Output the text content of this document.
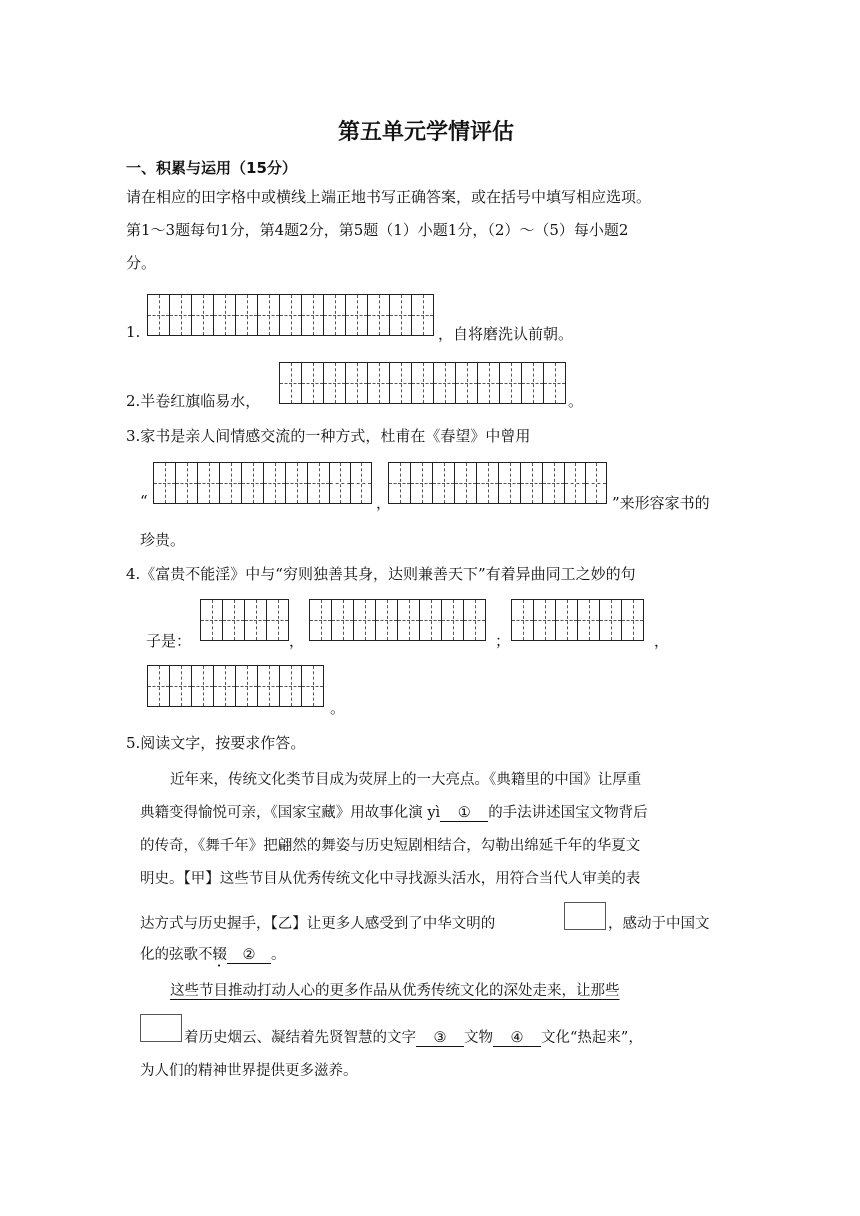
第五单元学情评估
一、积累与运用（15分）
请在相应的田字格中或横线上端正地书写正确答案，或在括号中填写相应选项。
第1～3题每句1分，第4题2分，第5题（1）小题1分，（2）～（5）每小题2
分。
1.	，自将磨洗认前朝。
2.半卷红旗临易水，	。
3.家书是亲人间情感交流的一种方式，杜甫在《春望》中曾用
“	，	”来形容家书的
珍贵。
4.《富贵不能淫》中与“穷则独善其身，达则兼善天下”有着异曲同工之妙的句
子是：	，	；	，
。
5.阅读文字，按要求作答。
近年来，传统文化类节目成为荧屏上的一大亮点。《典籍里的中国》让厚重
典籍变得愉悦可亲，《国家宝藏》用故事化演 yì ① 的手法讲述国宝文物背后
的传奇，《舞千年》把翩然的舞姿与历史短剧相结合，勾勒出绵延千年的华夏文
明史。【甲】这些节目从优秀传统文化中寻找源头活水，用符合当代人审美的表
达方式与历史握手，【乙】让更多人感受到了中华文明的	，感动于中国文
化的弦歌不辍 ② 。
这些节目推动打动人心的更多作品从优秀传统文化的深处走来，让那些
着历史烟云、凝结着先贤智慧的文字 ③ 文物 ④ 文化“热起来”，
为人们的精神世界提供更多滋养。
